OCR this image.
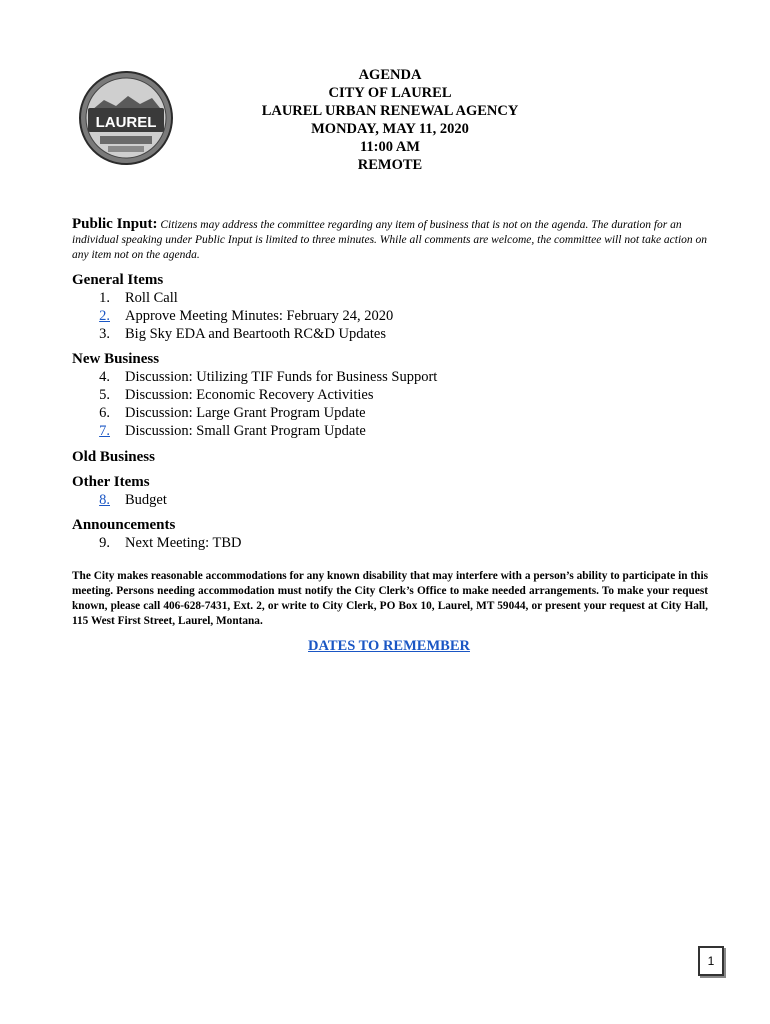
LAUREL
AGENDA
CITY OF LAUREL
LAUREL URBAN RENEWAL AGENCY
MONDAY, MAY 11, 2020
11:00 AM
REMOTE
Public Input: Citizens may address the committee regarding any item of business that is not on the agenda. The duration for an individual speaking under Public Input is limited to three minutes. While all comments are welcome, the committee will not take action on any item not on the agenda.
General Items
1. Roll Call
2. Approve Meeting Minutes: February 24, 2020
3. Big Sky EDA and Beartooth RC&D Updates
New Business
4. Discussion: Utilizing TIF Funds for Business Support
5. Discussion: Economic Recovery Activities
6. Discussion: Large Grant Program Update
7. Discussion: Small Grant Program Update
Old Business
Other Items
8. Budget
Announcements
9. Next Meeting: TBD
The City makes reasonable accommodations for any known disability that may interfere with a person’s ability to participate in this meeting. Persons needing accommodation must notify the City Clerk’s Office to make needed arrangements. To make your request known, please call 406-628-7431, Ext. 2, or write to City Clerk, PO Box 10, Laurel, MT 59044, or present your request at City Hall, 115 West First Street, Laurel, Montana.
DATES TO REMEMBER
1
